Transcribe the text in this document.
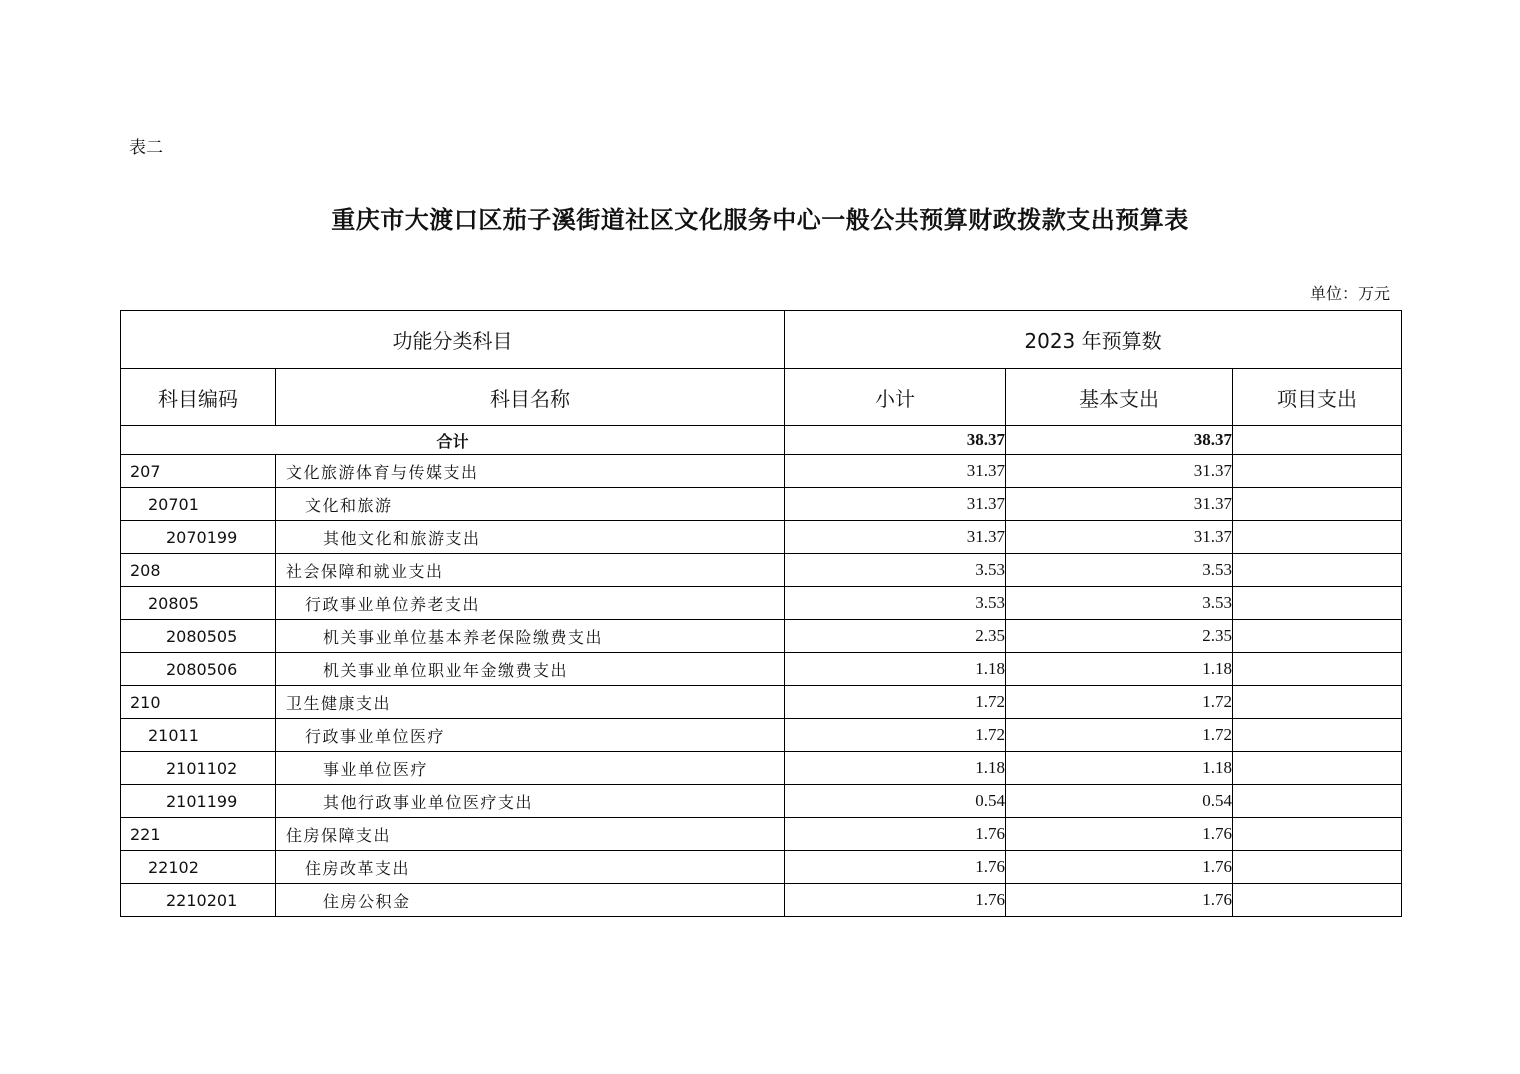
表二
重庆市大渡口区茄子溪街道社区文化服务中心一般公共预算财政拨款支出预算表
单位：万元
功能分类科目		2023 年预算数		
科目编码	科目名称	小计	基本支出	项目支出
合计		38.37	38.37	
207	文化旅游体育与传媒支出	31.37	31.37	
20701	文化和旅游	31.37	31.37	
2070199	其他文化和旅游支出	31.37	31.37	
208	社会保障和就业支出	3.53	3.53	
20805	行政事业单位养老支出	3.53	3.53	
2080505	机关事业单位基本养老保险缴费支出	2.35	2.35	
2080506	机关事业单位职业年金缴费支出	1.18	1.18	
210	卫生健康支出	1.72	1.72	
21011	行政事业单位医疗	1.72	1.72	
2101102	事业单位医疗	1.18	1.18	
2101199	其他行政事业单位医疗支出	0.54	0.54	
221	住房保障支出	1.76	1.76	
22102	住房改革支出	1.76	1.76	
2210201	住房公积金	1.76	1.76	
